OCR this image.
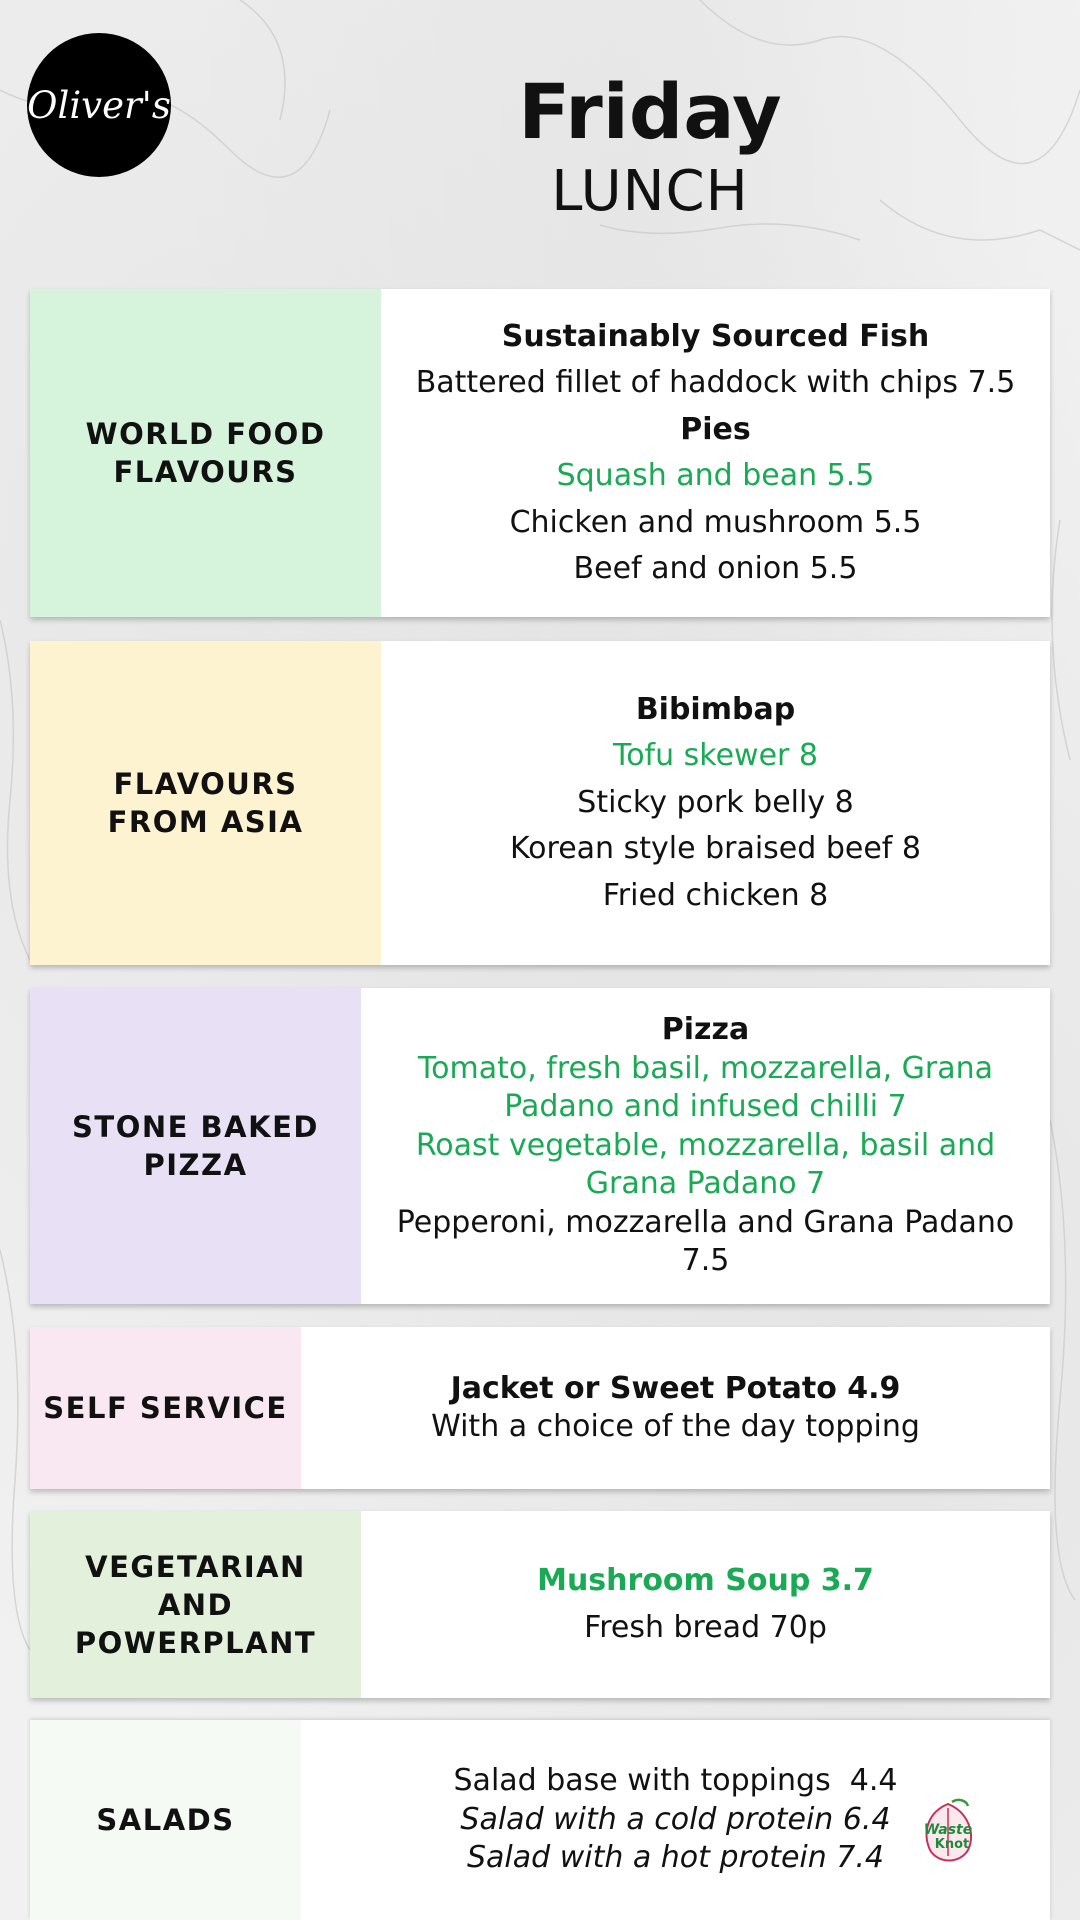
Oliver's	Friday
LUNCH
WORLD FOOD FLAVOURS
Sustainably Sourced Fish
Battered fillet of haddock with chips 7.5
Pies
Squash and bean 5.5
Chicken and mushroom 5.5
Beef and onion 5.5
FLAVOURS FROM ASIA
Bibimbap
Tofu skewer 8
Sticky pork belly 8
Korean style braised beef 8
Fried chicken 8
STONE BAKED PIZZA
Pizza
Tomato, fresh basil, mozzarella, Grana Padano and infused chilli 7
Roast vegetable, mozzarella, basil and Grana Padano 7
Pepperoni, mozzarella and Grana Padano 7.5
SELF SERVICE
Jacket or Sweet Potato 4.9
With a choice of the day topping
VEGETARIAN AND POWERPLANT
Mushroom Soup 3.7
Fresh bread 70p
SALADS
Salad base with toppings  4.4
Salad with a cold protein 6.4
Salad with a hot protein 7.4
Waste
Knot
